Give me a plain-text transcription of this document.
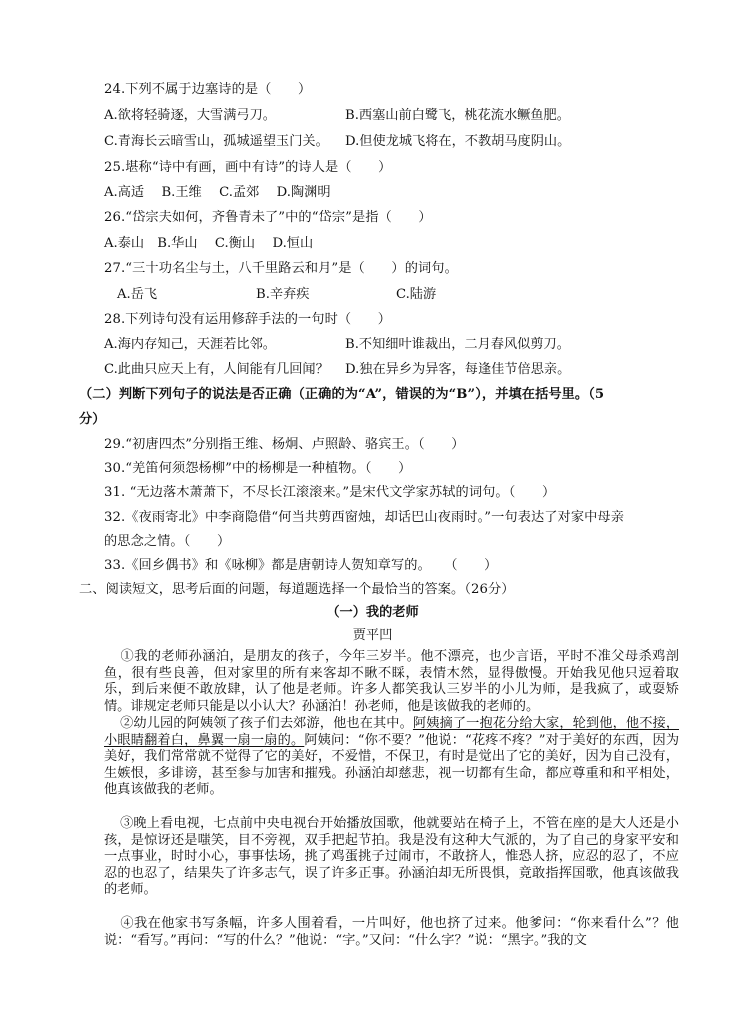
24.下列不属于边塞诗的是（　　）
A.欲将轻骑逐，大雪满弓刀。	B.西塞山前白鹭飞，桃花流水鳜鱼肥。
C.青海长云暗雪山，孤城遥望玉门关。 D.但使龙城飞将在，不教胡马度阴山。
25.堪称“诗中有画，画中有诗”的诗人是（　　）
A.高适　 B.王维　 C.孟郊　 D.陶渊明
26.“岱宗夫如何，齐鲁青未了”中的“岱宗”是指（　　）
A.泰山　B.华山　 C.衡山　 D.恒山
27.“三十功名尘与土，八千里路云和月”是（　　）的词句。
A.岳飞	B.辛弃疾	C.陆游
28.下列诗句没有运用修辞手法的一句时（　　）
A.海内存知己，天涯若比邻。	B.不知细叶谁裁出，二月春风似剪刀。
C.此曲只应天上有，人间能有几回闻？ D.独在异乡为异客，每逢佳节倍思亲。
（二）判断下列句子的说法是否正确（正确的为“A”，错误的为“B”），并填在括号里。（5
分）
29.“初唐四杰”分别指王维、杨炯、卢照龄、骆宾王。（　　）
30.“羌笛何须怨杨柳”中的杨柳是一种植物。（　　）
31. “无边落木萧萧下，不尽长江滚滚来。”是宋代文学家苏轼的词句。（　　）
32.《夜雨寄北》中李商隐借“何当共剪西窗烛，却话巴山夜雨时。”一句表达了对家中母亲
的思念之情。（　　）
33.《回乡偶书》和《咏柳》都是唐朝诗人贺知章写的。　　（　　）
二、阅读短文，思考后面的问题，每道题选择一个最恰当的答案。（26分）
（一）我的老师
贾平凹
①我的老师孙涵泊，是朋友的孩子，今年三岁半。他不漂亮，也少言语，平时不准父母杀鸡剖鱼，很有些良善，但对家里的所有来客却不瞅不睬，表情木然，显得傲慢。开始我见他只逗着取乐，到后来便不敢放肆，认了他是老师。许多人都笑我认三岁半的小儿为师，是我疯了，或耍矫情。诽规定老师只能是以小认大？孙涵泊！孙老师，他是该做我的老师的。
②幼儿园的阿姨领了孩子们去郊游，他也在其中。阿姨摘了一抱花分给大家，轮到他，他不接，小眼睛翻着白，鼻翼一扇一扇的。阿姨问：“你不要？”他说：“花疼不疼？”对于美好的东西，因为美好，我们常常就不觉得了它的美好，不爱惜，不保卫，有时是觉出了它的美好，因为自己没有，生嫉恨，多诽谤，甚至参与加害和摧残。孙涵泊却慈悲，视一切都有生命，都应尊重和和平相处，他真该做我的老师。
③晚上看电视，七点前中央电视台开始播放国歌，他就要站在椅子上，不管在座的是大人还是小孩，是惊讶还是嗤笑，目不旁视，双手把起节拍。我是没有这种大气派的，为了自己的身家平安和一点事业，时时小心，事事怯场，挑了鸡蛋挑子过闹市，不敢挤人，惟恐人挤，应忍的忍了，不应忍的也忍了，结果失了许多志气，误了许多正事。孙涵泊却无所畏惧，竟敢指挥国歌，他真该做我的老师。
④我在他家书写条幅，许多人围着看，一片叫好，他也挤了过来。他爹问：“你来看什么”？他说：“看写。”再问：“写的什么？”他说：“字。”又问：“什么字？”说：“黑字。”我的文
